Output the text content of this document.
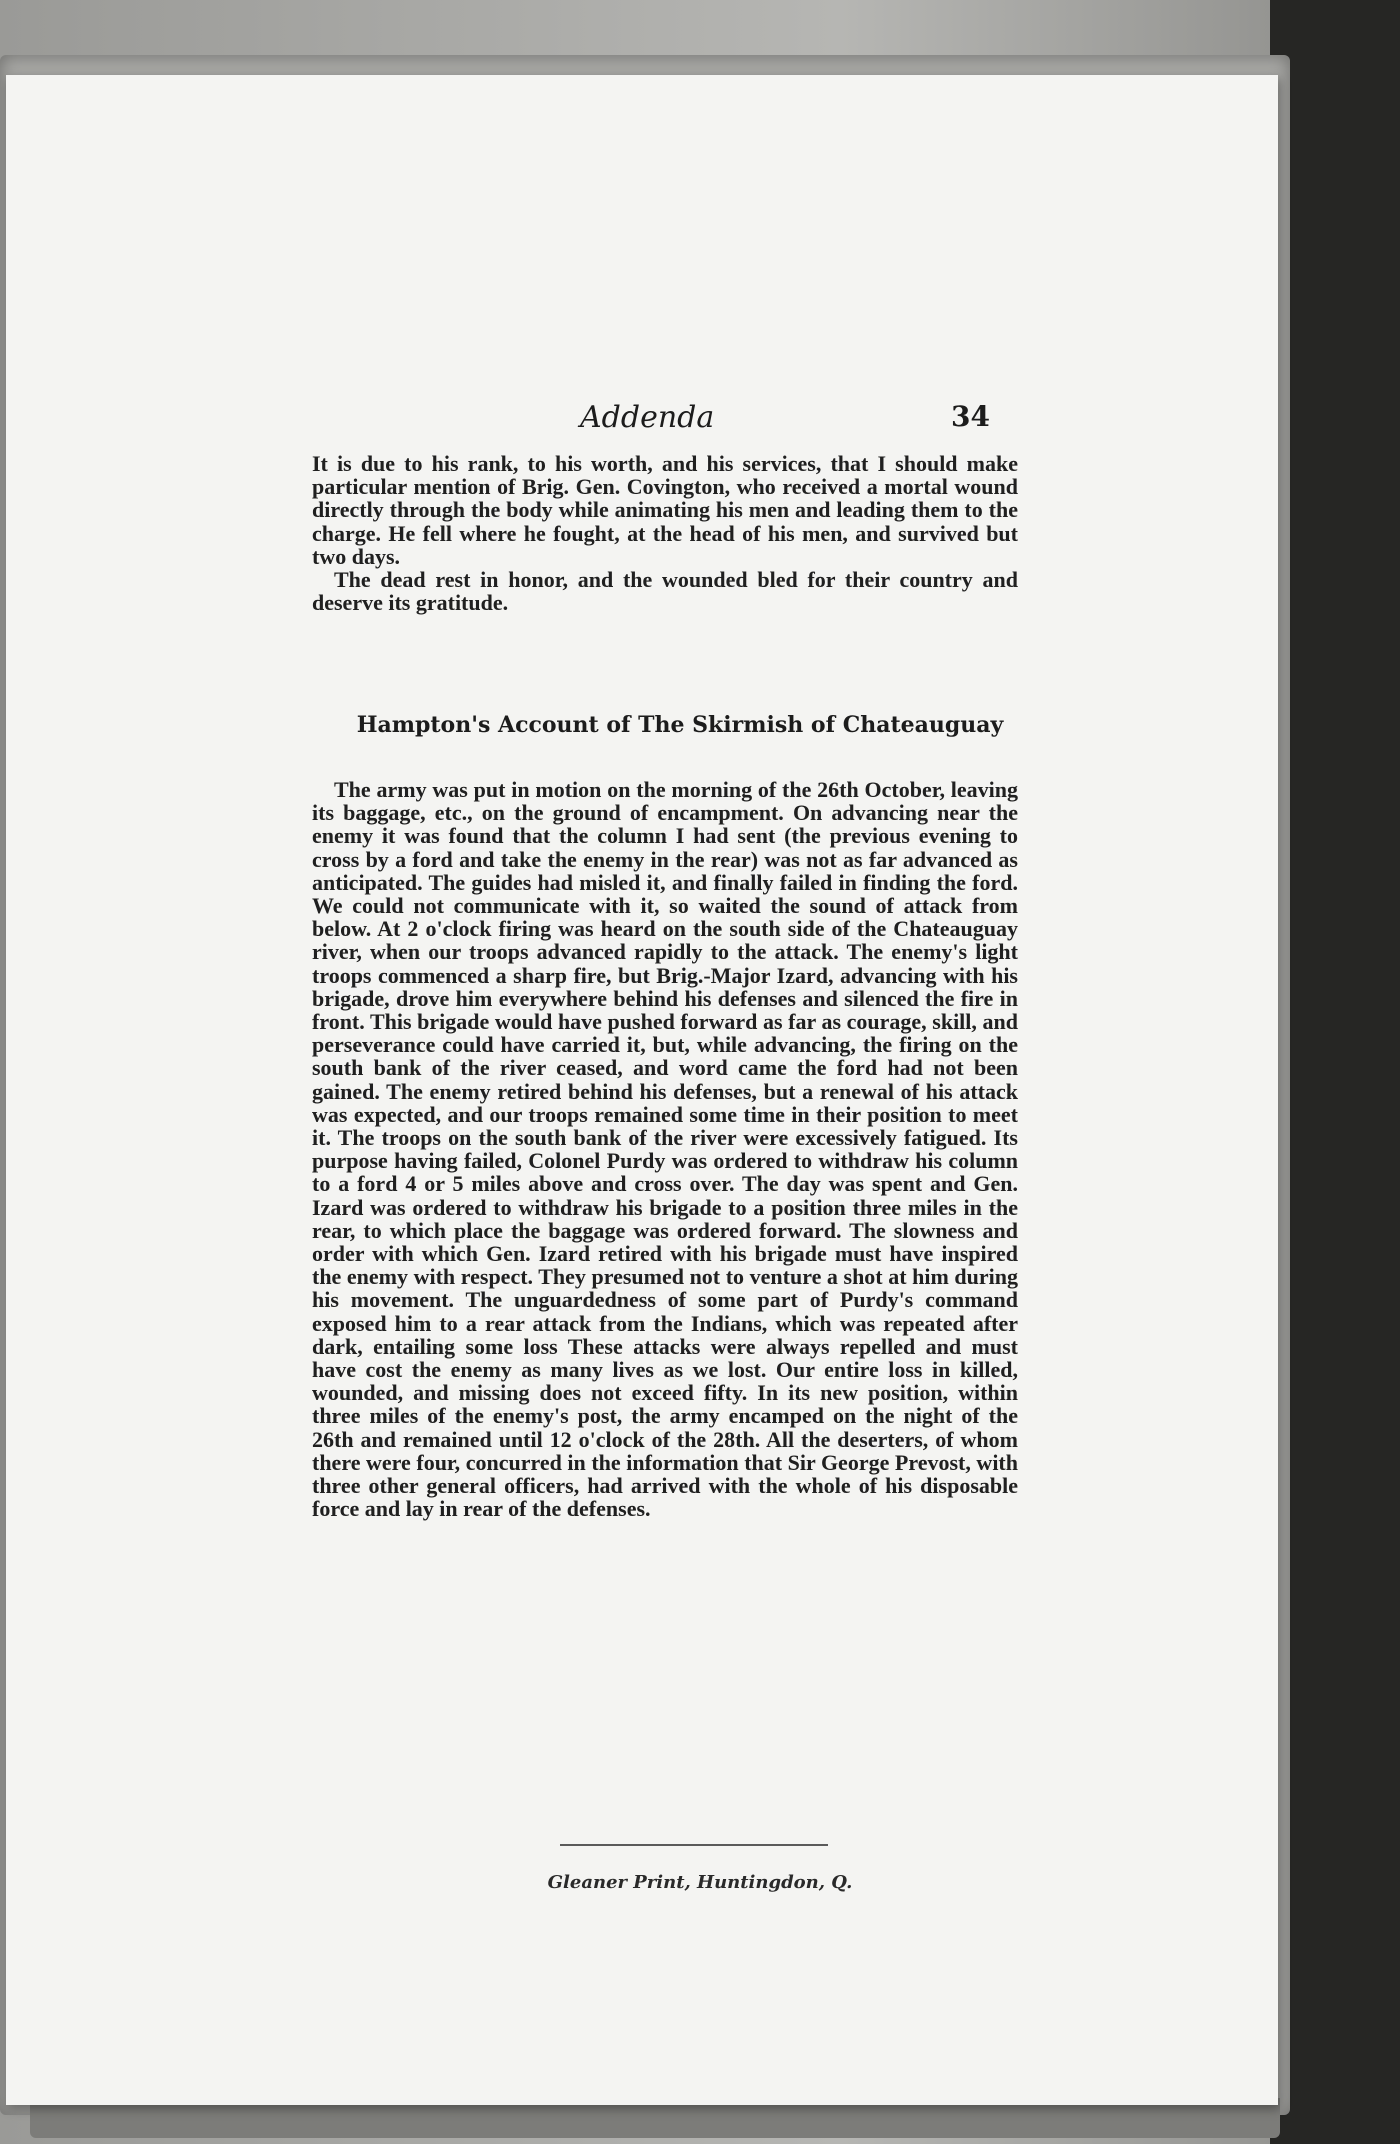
Addenda	34

It is due to his rank, to his worth, and his services, that I should make particular mention of Brig. Gen. Covington, who received a mortal wound directly through the body while animating his men and leading them to the charge. He fell where he fought, at the head of his men, and survived but two days.

The dead rest in honor, and the wounded bled for their country and deserve its gratitude.

Hampton's Account of The Skirmish of Chateauguay

The army was put in motion on the morning of the 26th October, leaving its baggage, etc., on the ground of encampment. On advancing near the enemy it was found that the column I had sent (the previous evening to cross by a ford and take the enemy in the rear) was not as far advanced as anticipated. The guides had misled it, and finally failed in finding the ford. We could not communicate with it, so waited the sound of attack from below. At 2 o'clock firing was heard on the south side of the Chateauguay river, when our troops advanced rapidly to the attack. The enemy's light troops commenced a sharp fire, but Brig.-Major Izard, advancing with his brigade, drove him everywhere behind his defenses and silenced the fire in front. This brigade would have pushed forward as far as courage, skill, and perseverance could have carried it, but, while advancing, the firing on the south bank of the river ceased, and word came the ford had not been gained. The enemy retired behind his defenses, but a renewal of his attack was expected, and our troops remained some time in their position to meet it. The troops on the south bank of the river were excessively fatigued. Its purpose having failed, Colonel Purdy was ordered to withdraw his column to a ford 4 or 5 miles above and cross over. The day was spent and Gen. Izard was ordered to withdraw his brigade to a position three miles in the rear, to which place the baggage was ordered forward. The slowness and order with which Gen. Izard retired with his brigade must have inspired the enemy with respect. They presumed not to venture a shot at him during his movement. The unguardedness of some part of Purdy's command exposed him to a rear attack from the Indians, which was repeated after dark, entailing some loss These attacks were always repelled and must have cost the enemy as many lives as we lost. Our entire loss in killed, wounded, and missing does not exceed fifty. In its new position, within three miles of the enemy's post, the army encamped on the night of the 26th and remained until 12 o'clock of the 28th. All the deserters, of whom there were four, concurred in the information that Sir George Prevost, with three other general officers, had arrived with the whole of his disposable force and lay in rear of the defenses.

Gleaner Print, Huntingdon, Q.
